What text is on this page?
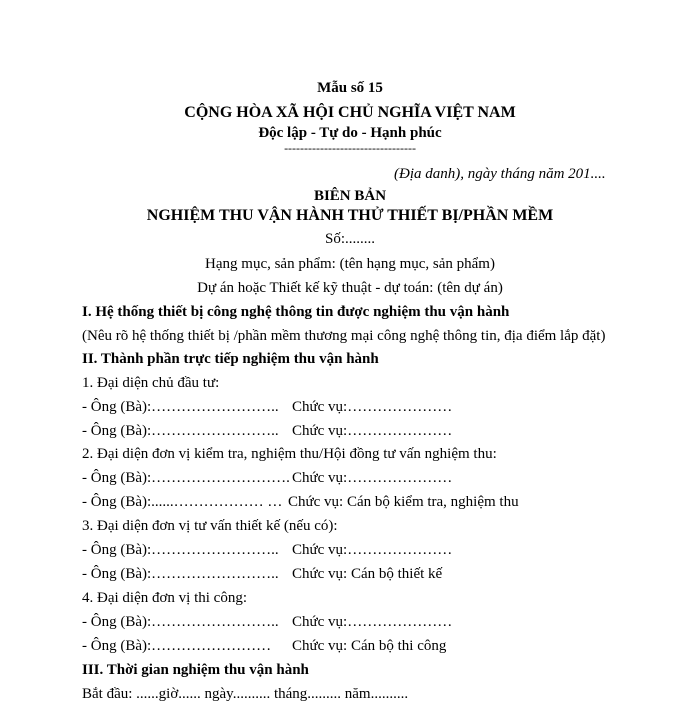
Mẫu số 15
CỘNG HÒA XÃ HỘI CHỦ NGHĨA VIỆT NAM
Độc lập - Tự do - Hạnh phúc
---------------------------------
(Địa danh), ngày tháng năm 201....
BIÊN BẢN
NGHIỆM THU VẬN HÀNH THỬ THIẾT BỊ/PHẦN MỀM
Số:........
Hạng mục, sản phẩm: (tên hạng mục, sản phẩm)
Dự án hoặc Thiết kế kỹ thuật - dự toán: (tên dự án)
I. Hệ thống thiết bị công nghệ thông tin được nghiệm thu vận hành
(Nêu rõ hệ thống thiết bị /phần mềm thương mại công nghệ thông tin, địa điểm lắp đặt)
II. Thành phần trực tiếp nghiệm thu vận hành
1. Đại diện chủ đầu tư:
- Ông (Bà):…………………….. Chức vụ:…………………
- Ông (Bà):…………………….. Chức vụ:…………………
2. Đại diện đơn vị kiểm tra, nghiệm thu/Hội đồng tư vấn nghiệm thu:
- Ông (Bà):………………………. Chức vụ:…………………
- Ông (Bà):......……………… … Chức vụ: Cán bộ kiểm tra, nghiệm thu
3. Đại diện đơn vị tư vấn thiết kế (nếu có):
- Ông (Bà):…………………….. Chức vụ:…………………
- Ông (Bà):…………………….. Chức vụ: Cán bộ thiết kế
4. Đại diện đơn vị thi công:
- Ông (Bà):…………………….. Chức vụ:…………………
- Ông (Bà):…………………… Chức vụ: Cán bộ thi công
III. Thời gian nghiệm thu vận hành
Bắt đầu: ......giờ...... ngày.......... tháng......... năm..........
